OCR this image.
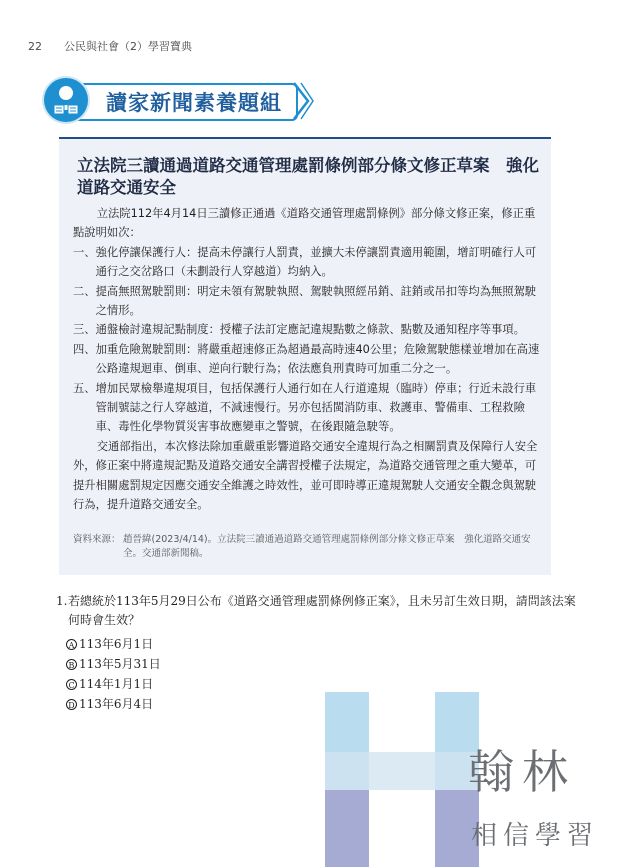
22 公民與社會（2）學習寶典
讀家新聞素養題組
立法院三讀通過道路交通管理處罰條例部分條文修正草案　強化道路交通安全

立法院112年4月14日三讀修正通過《道路交通管理處罰條例》部分條文修正案，修正重點說明如次：

一、 強化停讓保護行人：提高未停讓行人罰責，並擴大未停讓罰責適用範圍，增訂明確行人可通行之交岔路口（未劃設行人穿越道）均納入。
二、 提高無照駕駛罰則：明定未領有駕駛執照、駕駛執照經吊銷、註銷或吊扣等均為無照駕駛之情形。
三、 通盤檢討違規記點制度：授權子法訂定應記違規點數之條款、點數及通知程序等事項。
四、 加重危險駕駛罰則：將嚴重超速修正為超過最高時速40公里；危險駕駛態樣並增加在高速公路違規迴車、倒車、逆向行駛行為；依法應負刑責時可加重二分之一。
五、 增加民眾檢舉違規項目，包括保護行人通行如在人行道違規（臨時）停車；行近未設行車管制號誌之行人穿越道，不減速慢行。另亦包括閩消防車、救護車、警備車、工程救險車、毒性化學物質災害事故應變車之警號，在後跟隨急駛等。

交通部指出，本次修法除加重嚴重影響道路交通安全違規行為之相關罰責及保障行人安全外，修正案中將違規記點及道路交通安全講習授權子法規定，為道路交通管理之重大變革，可提升相關處罰規定因應交通安全維護之時效性，並可即時導正違規駕駛人交通安全觀念與駕駛行為，提升道路交通安全。

資料來源： 趙晉緯(2023/4/14)。立法院三讀通過道路交通管理處罰條例部分條文修正草案　強化道路交通安全。交通部新聞稿。
1. 若總統於113年5月29日公布《道路交通管理處罰條例修正案》，且未另訂生效日期，請問該法案何時會生效？
A 113年6月1日
B 113年5月31日
C 114年1月1日
D 113年6月4日
翰林
相信學習
